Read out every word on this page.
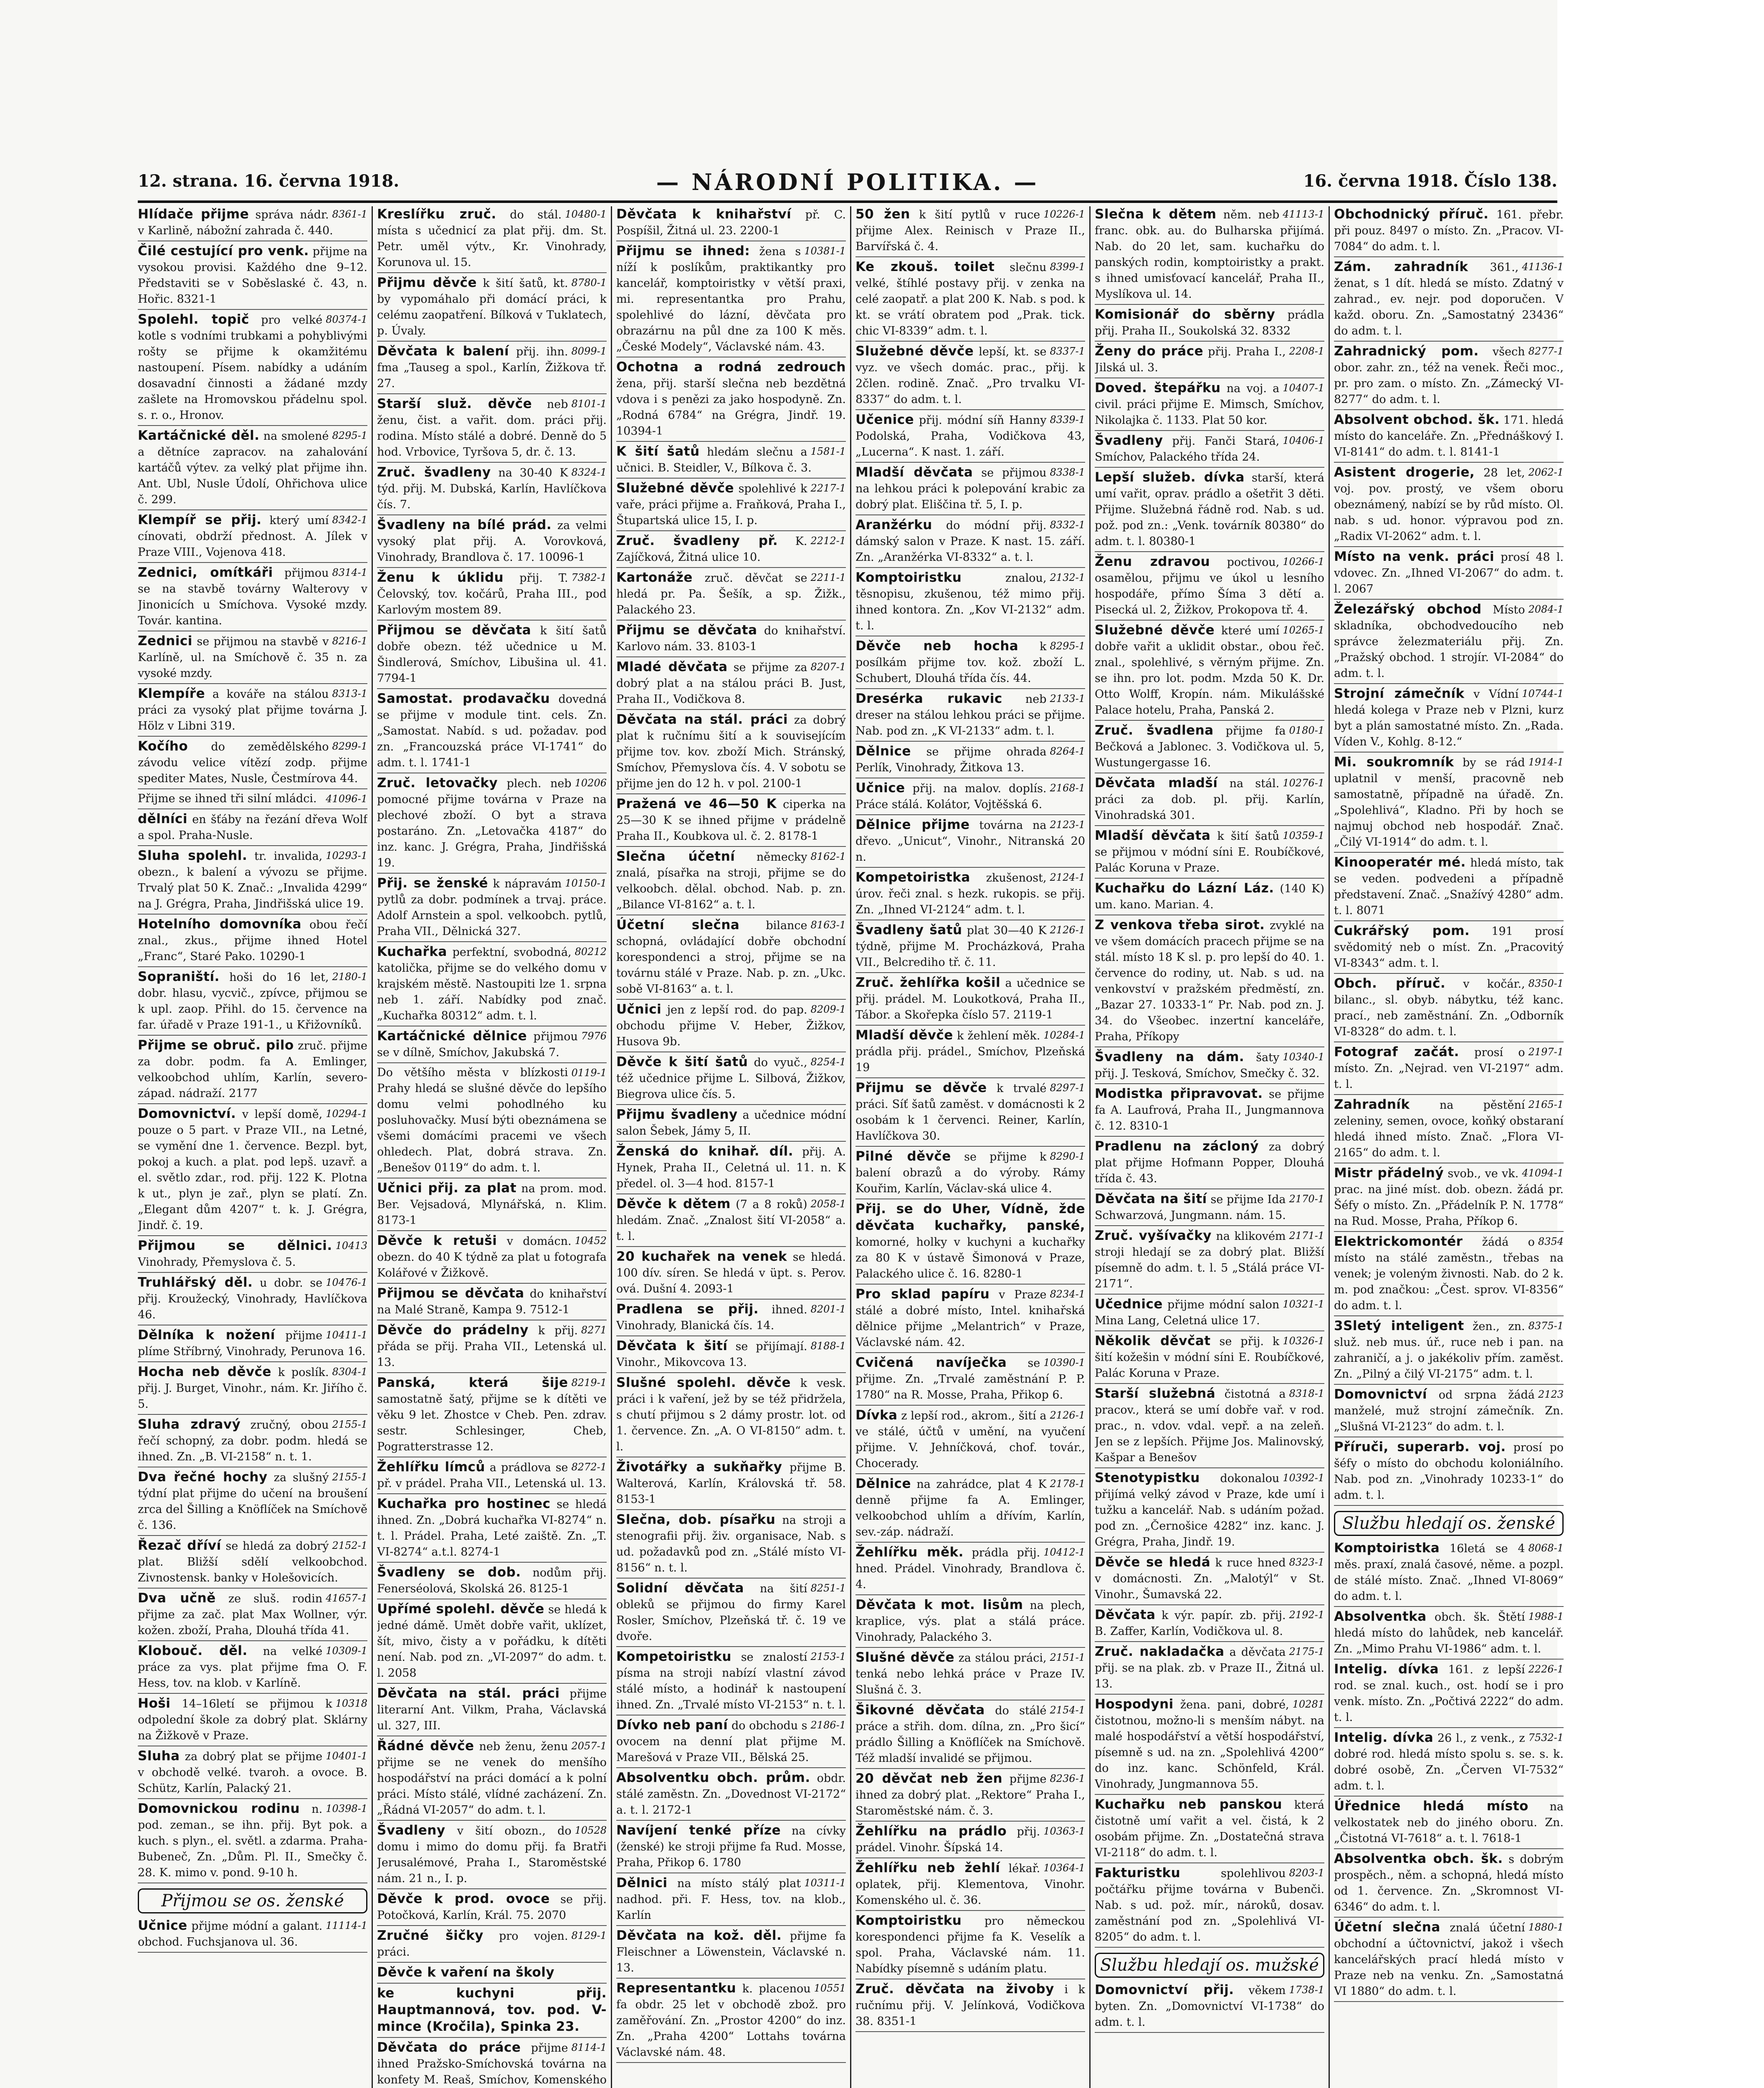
12. strana. 16. června 1918.	— NÁRODNÍ POLITIKA. —	16. června 1918. Číslo 138.
Hlídače přijme	8361-1
správa nádr. v Karlině, nábožní zahrada č. 440.
Čilé cestující pro venk. přijme na vysokou provisi. Každého dne 9–12. Představiti se v Soběslaské č. 43, n. Hořic. 8321-1
Spolehl. topič	80374-1
pro velké kotle s vodními trubkami a pohyblivými rošty se přijme k okamžitému nastoupení. Písem. nabídky a udáním dosavadní činnosti a žádané mzdy zašlete na Hromovskou přádelnu spol. s. r. o., Hronov.
Kartáčnické děl.	8295-1
na smolené a dětníce zapracov. na zahalování kartáčů výtev. za velký plat přijme ihn. Ant. Ubl, Nusle Údolí, Ohřichova ulice č. 299.
Klempíř se přij.	8342-1
který umí cínovati, obdrží přednost. A. Jílek v Praze VIII., Vojenova 418.
Zednici, omítkáři	8314-1
přijmou se na stavbě továrny Walterovy v Jinonicích u Smíchova. Vysoké mzdy. Továr. kantina.
Zednici	8216-1
se přijmou na stavbě v Karlíně, ul. na Smíchově č. 35 n. za vysoké mzdy.
Klempíře	8313-1
a kováře na stálou práci za vysoký plat přijme továrna J. Hölz v Libni 319.
Kočího	8299-1
do zemědělského závodu velice vítězí zodp. přijme spediter Mates, Nusle, Čestmírova 44.
41096-1
Přijme se ihned tři silní mládci.
dělníci en šťáby na řezání dřeva Wolf a spol. Praha-Nusle.
Sluha spolehl.	10293-1
tr. invalida, obezn., k balení a vývozu se přijme. Trvalý plat 50 K. Znač.: „Invalida 4299“ na J. Grégra, Praha, Jindřišská ulice 19.
Hotelního domovníka obou řečí znal., zkus., přijme ihned Hotel „Franc“, Staré Pako. 10290-1
Sopraniští.	2180-1
hoši do 16 let, dobr. hlasu, vycvič., zpívce, přijmou se k upl. zaop. Přihl. do 15. července na far. úřadě v Praze 191-1., u Křižovníků.
Přijme se obruč. pilo zruč. přijme za dobr. podm. fa A. Emlinger, velkoobchod uhlím, Karlín, severo-západ. nádraží. 2177
Domovnictví.	10294-1
v lepší domě, pouze o 5 part. v Praze VII., na Letné, se vymění dne 1. července. Bezpl. byt, pokoj a kuch. a plat. pod lepš. uzavř. a el. světlo zdar., rod. přij. 122 K. Plotna k ut., plyn je zař., plyn se platí. Zn. „Elegant dům 4207“ t. k. J. Grégra, Jindř. č. 19.
Přijmou se dělnici. 10413
Vinohrady, Přemyslova č. 5.
Truhlářský děl.	10476-1
u dobr. se přij. Kroužecký, Vinohrady, Havlíčkova 46.
Dělníka k nožení	10411-1
přijme plíme Stříbrný, Vinohrady, Perunova 16.
Hocha neb děvče	8304-1
k poslík. přij. J. Burget, Vinohr., nám. Kr. Jiřího č. 5.
Sluha zdravý	2155-1
zručný, obou řečí schopný, za dobr. podm. hledá se ihned. Zn. „B. VI-2158“ n. t. 1.
Dva řečné hochy	2155-1
za slušný týdní plat přijme do učení na broušení zrca del Šilling a Knöflíček na Smíchově č. 136.
Řezač dříví	2152-1
se hledá za dobrý plat. Bližší sdělí velkoobchod. Zivnostensk. banky v Holešovicích.
Dva učně	41657-1
ze sluš. rodin přijme za zač. plat Max Wollner, výr. kožen. zboží, Praha, Dlouhá třída 41.
Klobouč. děl.	10309-1
na velké práce za vys. plat přijme fma O. F. Hess, tov. na klob. v Karlíně.
Hoši	10318
14–16letí se přijmou k odpolední škole za dobrý plat. Sklárny na Žižkově v Praze.
Sluha	10401-1
za dobrý plat se přijme v obchodě velké. tvaroh. a ovoce. B. Schütz, Karlín, Palacký 21.
Domovnickou rodinu	10398-1
n. pod. zeman., se ihn. přij. Byt pok. a kuch. s plyn., el. světl. a zdarma. Praha-Bubeneč, Zn. „Dům. Pl. II., Smečky č. 28. K. mimo v. pond. 9-10 h.
Přijmou se os. ženské
Učnice	11114-1
přijme módní a galant. obchod. Fuchsjanova ul. 36.
Kreslířku zruč.	10480-1
do stál. místa s učednicí za plat přij. dm. St. Petr. uměl výtv., Kr. Vinohrady, Korunova ul. 15.
Přijmu děvče	8780-1
k šití šatů, kt. by vypomáhalo při domácí práci, k celému zaopatření. Bílková v Tuklatech, p. Úvaly.
Děvčata k balení	8099-1
přij. ihn. fma „Tauseg a spol., Karlín, Žižkova tř. 27.
Starší služ. děvče	8101-1
neb ženu, čist. a vařit. dom. práci přij. rodina. Místo stálé a dobré. Denně do 5 hod. Vrbovice, Tyršova 5, dr. č. 13.
Zruč. švadleny	8324-1
na 30-40 K týd. přij. M. Dubská, Karlín, Havlíčkova čís. 7.
Švadleny na bílé prád. za velmi vysoký plat přij. A. Vorovková, Vinohrady, Brandlova č. 17. 10096-1
Ženu k úklidu	7382-1
přij. T. Čelovský, tov. kočárů, Praha III., pod Karlovým mostem 89.
Přijmou se děvčata k šití šatů dobře obezn. též učednice u M. Šindlerová, Smíchov, Libušina ul. 41. 7794-1
Samostat. prodavačku dovedná se přijme v module tint. cels. Zn. „Samostat. Nabíd. s ud. požadav. pod zn. „Francouzská práce VI-1741“ do adm. t. l. 1741-1
Zruč. letovačky	10206
plech. neb pomocné přijme továrna v Praze na plechové zboží. O byt a strava postaráno. Zn. „Letovačka 4187“ do inz. kanc. J. Grégra, Praha, Jindřišská 19.
Přij. se ženské	10150-1
k nápravám pytlů za dobr. podmínek a trvaj. práce. Adolf Arnstein a spol. velkoobch. pytlů, Praha VII., Dělnická 327.
Kuchařka	80212
perfektní, svobodná, katolička, přijme se do velkého domu v krajském městě. Nastoupiti lze 1. srpna neb 1. září. Nabídky pod znač. „Kuchařka 80312“ adm. t. l.
Kartáčnické dělnice	7976
přijmou se v dílně, Smíchov, Jakubská 7.
0119-1
Do většího města v blízkosti Prahy hledá se slušné děvče do lepšího domu velmi pohodlného ku posluhovačky. Musí býti obeznámena se všemi domácími pracemi ve všech ohledech. Plat, dobrá strava. Zn. „Benešov 0119“ do adm. t. l.
Učnici přij. za plat na prom. mod. Ber. Vejsadová, Mlynářská, n. Klim. 8173-1
Děvče k retuši	10452
v domácn. obezn. do 40 K týdně za plat u fotografa Kolářové v Žižkově.
Přijmou se děvčata do knihařství na Malé Straně, Kampa 9. 7512-1
Děvče do prádelny	8271
k přij. přáda se přij. Praha VII., Letenská ul. 13.
Panská, která šije 8219-1
samostatně šatý, přijme se k dítěti ve věku 9 let. Zhostce v Cheb. Pen. zdrav. sestr. Schlesinger, Cheb, Pogratterstrasse 12.
Žehlířku límců	8272-1
a prádlova se př. v prádel. Praha VII., Letenská ul. 13.
Kuchařka pro hostinec se hledá ihned. Zn. „Dobrá kuchařka VI-8274“ n. t. l. Prádel. Praha, Leté zaiště. Zn. „T. VI-8274“ a.t.l. 8274-1
Švadleny se dob. nodům přij. Fenerséolová, Skolská 26. 8125-1
Upřímé spolehl. děvče se hledá k jedné dámě. Umět dobře vařit, uklízet, šít, mivo, čisty a v pořádku, k dítěti není. Nab. pod zn. „VI-2097“ do adm. t. l. 2058
Děvčata na stál. práci přijme literarní Ant. Vilkm, Praha, Václavská ul. 327, III.
Řádné děvče	2057-1
neb ženu, ženu přijme se ne venek do menšího hospodářství na práci domácí a k polní práci. Místo stálé, vlídné zacházení. Zn. „Řádná VI-2057“ do adm. t. l.
Švadleny	10528
v šití obozn., do domu i mimo do domu přij. fa Bratři Jerusalémové, Praha I., Staroměstské nám. 21 n., I. p.
Děvče k prod. ovoce se přij. Potočková, Karlín, Král. 75. 2070
Zručné šičky	8129-1
pro vojen. práci.
Děvče k vaření na školy
ke kuchyni přij. Hauptmannová, tov. pod. V-mince (Kročila), Spinka 23.
Děvčata do práce	8114-1
přijme ihned Pražsko-Smíchovská továrna na konfety M. Reaš, Smíchov, Komenského
Děvčata k knihařství př. C. Pospíšil, Žitná ul. 23. 2200-1
Přijmu se ihned:	10381-1
žena s níží k poslíkům, praktikantky pro kancelář, komptoiristky v větší praxi, mi. representantka pro Prahu, spolehlivé do lázní, děvčata pro obrazárnu na půl dne za 100 K měs. „České Modely“, Václavské nám. 43.
Ochotna a rodná zedrouch žena, přij. starší slečna neb bezdětná vdova i s penězi za jako hospodyně. Zn. „Rodná 6784“ na Grégra, Jindř. 19. 10394-1
K šití šatů	1581-1
hledám slečnu a učnici. B. Steidler, V., Bílkova č. 3.
Služebné děvče	2217-1
spolehlivé k vaře, práci přijme a. Fraňková, Praha I., Štupartská ulice 15, I. p.
Zruč. švadleny př.	2212-1
K. Zajíčková, Žitná ulice 10.
Kartonáže	2211-1
zruč. děvčat se hledá pr. Pa. Šešík, a sp. Žižk., Palackého 23.
Přijmu se děvčata do knihařství. Karlovo nám. 33. 8103-1
Mladé děvčata	8207-1
se přijme za dobrý plat a na stálou práci B. Just, Praha II., Vodičkova 8.
Děvčata na stál. práci za dobrý plat k ručnímu šití a k souvisejícím přijme tov. kov. zboží Mich. Stránský, Smíchov, Přemyslova čís. 4. V sobotu se přijme jen do 12 h. v pol. 2100-1
Pražená ve 46—50 K ciperka na 25—30 K se ihned přijme v prádelně Praha II., Koubkova ul. č. 2. 8178-1
Slečna účetní	8162-1
německy znalá, písařka na stroji, přijme se do velkoobch. dělal. obchod. Nab. p. zn. „Bilance VI-8162“ a. t. l.
Účetní slečna	8163-1
bilance schopná, ovládající dobře obchodní korespondenci a stroj, přijme se na továrnu stálé v Praze. Nab. p. zn. „Ukc. sobě VI-8163“ a. t. l.
Učnici	8209-1
jen z lepší rod. do pap. obchodu přijme V. Heber, Žižkov, Husova 9b.
Děvče k šití šatů	8254-1
do vyuč., též učednice přijme L. Silbová, Žižkov, Biegrova ulice čís. 5.
Přijmu švadleny a učednice módní salon Šebek, Jámy 5, II.
Ženská do knihař. díl. přij. A. Hynek, Praha II., Celetná ul. 11. n. K předel. ol. 3—4 hod. 8157-1
Děvče k dětem	2058-1
(7 a 8 roků) hledám. Znač. „Znalost šití VI-2058“ a. t. l.
20 kuchařek na venek se hledá. 100 dív. síren. Se hledá v üpt. s. Perov. ová. Dušní 4. 2093-1
Pradlena se přij.	8201-1
ihned. Vinohrady, Blanická čís. 14.
Děvčata k šití	8188-1
se přijímají. Vinohr., Mikovcova 13.
Slušné spolehl. děvče k vesk. práci i k vaření, jež by se též přidržela, s chutí přijmou s 2 dámy prostr. lot. od 1. července. Zn. „A. O VI-8150“ adm. t. l.
Životářky a sukňařky přijme B. Walterová, Karlín, Královská tř. 58. 8153-1
Slečna, dob. písařku na stroji a stenografii přij. živ. organisace, Nab. s ud. požadavků pod zn. „Stálé místo VI-8156“ n. t. l.
Solidní děvčata	8251-1
na šití obleků se přijmou do firmy Karel Rosler, Smíchov, Plzeňská tř. č. 19 ve dvoře.
Kompetoiristku	2153-1
se znalostí písma na stroji nabízí vlastní závod stálé místo, a hodinář k nastoupení ihned. Zn. „Trvalé místo VI-2153“ n. t. l.
Dívko neb paní	2186-1
do obchodu s ovocem na denní plat přijme M. Marešová v Praze VII., Bělská 25.
Absolventku obch. prům. obdr. stálé zaměstn. Zn. „Dovednost VI-2172“ a. t. l. 2172-1
Navíjení tenké příze na cívky (ženské) ke stroji přijme fa Rud. Mosse, Praha, Přikop 6. 1780
Dělnici	10311-1
na místo stálý plat nadhod. při. F. Hess, tov. na klob., Karlín
Děvčata na kož. děl. přijme fa Fleischner a Löwenstein, Václavské n. 13.
Representantku	10551
k. placenou fa obdr. 25 let v obchodě zbož. pro zaměřování. Zn. „Prostor 4200“ do inz. Zn. „Praha 4200“ Lottahs továrna Václavské nám. 48.
50 žen	10226-1
k šití pytlů v ruce přijme Alex. Reinisch v Praze II., Barvířská č. 4.
Ke zkouš. toilet	8399-1
slečnu velké, štíhlé postavy přij. v zenka na celé zaopatř. a plat 200 K. Nab. s pod. k kt. se vrátí obratem pod „Prak. tick. chic VI-8339“ adm. t. l.
Služebné děvče	8337-1
lepší, kt. se vyz. ve všech domác. prac., přij. k 2člen. rodině. Znač. „Pro trvalku VI-8337“ do adm. t. l.
Učenice	8339-1
přij. módní síň Hanny Podolská, Praha, Vodičkova 43, „Lucerna“. K nast. 1. září.
Mladší děvčata	8338-1
se přijmou na lehkou práci k polepování krabic za dobrý plat. Eliščina tř. 5, I. p.
Aranžérku	8332-1
do módní přij. dámský salon v Praze. K nast. 15. září. Zn. „Aranžérka VI-8332“ a. t. l.
Komptoiristku	2132-1
znalou, těsnopisu, zkušenou, též mimo přij. ihned kontora. Zn. „Kov VI-2132“ adm. t. l.
Děvče neb hocha	8295-1
k posílkám přijme tov. kož. zboží L. Schubert, Dlouhá třída čís. 44.
Dresérka rukavic	2133-1
neb dreser na stálou lehkou práci se přijme. Nab. pod zn. „K VI-2133“ adm. t. l.
Dělnice	8264-1
se přijme ohrada Perlík, Vinohrady, Žitkova 13.
Učnice	2168-1
přij. na malov. doplís. Práce stálá. Kolátor, Vojtěšská 6.
Dělnice přijme	2123-1
továrna na dřevo. „Unicut“, Vinohr., Nitranská 20 n.
Kompetoiristka	2124-1
zkušenost, úrov. řeči znal. s hezk. rukopis. se přij. Zn. „Ihned VI-2124“ adm. t. l.
Švadleny šatů	2126-1
plat 30—40 K týdně, přijme M. Procházková, Praha VII., Belcrediho tř. č. 11.
Zruč. žehlířka košil a učednice se přij. prádel. M. Loukotková, Praha II., Tábor. a Skořepka číslo 57. 2119-1
Mladší děvče	10284-1
k žehlení měk. prádla přij. prádel., Smíchov, Plzeňská 19
Přijmu se děvče	8297-1
k trvalé práci. Síť šatů zaměst. v domácnosti k 2 osobám k 1 červenci. Reiner, Karlín, Havlíčkova 30.
Pilné děvče	8290-1
se přijme k balení obrazů a do výroby. Rámy Kouřim, Karlín, Václav-ská ulice 4.
Přij. se do Uher, Vídně, žde děvčata kuchařky, panské, komorné, holky v kuchyni a kuchařky za 80 K v ústavě Šimonová v Praze, Palackého ulice č. 16. 8280-1
Pro sklad papíru	8234-1
v Praze stálé a dobré místo, Intel. knihařská dělnice přijme „Melantrich“ v Praze, Václavské nám. 42.
Cvičená navíječka	10390-1
se přijme. Zn. „Trvalé zaměstnání P. P. 1780“ na R. Mosse, Praha, Přikop 6.
Dívka	2126-1
z lepší rod., akrom., šití a ve stálé, účtů v umění, na vyučení přijme. V. Jehníčková, chof. továr., Chocerady.
Dělnice	2178-1
na zahrádce, plat 4 K denně přijme fa A. Emlinger, velkoobchod uhlím a dřívím, Karlín, sev.-záp. nádraží.
Žehlířku měk.	10412-1
prádla přij. hned. Prádel. Vinohrady, Brandlova č. 4.
Děvčata k mot. lisům na plech, kraplice, výs. plat a stálá práce. Vinohrady, Palackého 3.
Slušné děvče	2151-1
za stálou práci, tenká nebo lehká práce v Praze IV. Slušná č. 3.
Šikovné děvčata	2154-1
do stálé práce a střih. dom. dílna, zn. „Pro šicí“ prádlo Šilling a Knöflíček na Smíchově. Též mladší invalidé se přijmou.
20 děvčat neb žen	8236-1
přijme ihned za dobrý plat. „Rektore“ Praha I., Staroměstské nám. č. 3.
Žehlířku na prádlo	10363-1
přij. prádel. Vinohr. Šípská 14.
Žehlířku neb žehlí	10364-1
lékař. oplatek, přij. Klementova, Vinohr. Komenského ul. č. 36.
Komptoiristku pro německou korespondenci přijme fa K. Veselík a spol. Praha, Václavské nám. 11. Nabídky písemně s udáním platu.
Zruč. děvčata na živoby i k ručnímu přij. V. Jelínková, Vodičkova 38. 8351-1
Slečna k dětem	41113-1
něm. neb franc. obk. au. do Bulharska přijímá. Nab. do 20 let, sam. kuchařku do panských rodin, komptoiristky a prakt. s ihned umisťovací kancelář, Praha II., Myslíkova ul. 14.
Komisionář do sběrny prádla přij. Praha II., Soukolská 32. 8332
Ženy do práce	2208-1
přij. Praha I., Jilská ul. 3.
Doved. štepářku	10407-1
na voj. a civil. práci přijme E. Mimsch, Smíchov, Nikolajka č. 1133. Plat 50 kor.
Švadleny	10406-1
přij. Fanči Stará, Smíchov, Palackého třída 24.
Lepší služeb. dívka starší, která umí vařit, oprav. prádlo a ošetřit 3 děti. Přijme. Služebná řádně rod. Nab. s ud. pož. pod zn.: „Venk. továrník 80380“ do adm. t. l. 80380-1
Ženu zdravou	10266-1
poctivou, osamělou, přijmu ve úkol u lesního hospodáře, přímo Šíma 3 dětí a. Pisecká ul. 2, Žižkov, Prokopova tř. 4.
Služebné děvče	10265-1
které umí dobře vařit a uklidit obstar., obou řeč. znal., spolehlivé, s věrným přijme. Zn. se ihn. pro lot. podm. Mzda 50 K. Dr. Otto Wolff, Kropín. nám. Mikulášské Palace hotelu, Praha, Panská 2.
Zruč. švadlena	0180-1
přijme fa Bečková a Jablonec. 3. Vodičkova ul. 5, Wustungergasse 16.
Děvčata mladší	10276-1
na stál. práci za dob. pl. přij. Karlín, Vinohradská 301.
Mladší děvčata	10359-1
k šití šatů se přijmou v módní síni E. Roubíčkové, Palác Koruna v Praze.
Kuchařku do Lázní Láz. (140 K) um. kano. Marian. 4.
Z venkova třeba sirot. zvyklé na ve všem domácích pracech přijme se na stál. místo 18 K sl. p. pro lepší do 40. 1. července do rodiny, ut. Nab. s ud. na venkovství v pražském předměstí, zn. „Bazar 27. 10333-1“ Pr. Nab. pod zn. J. 34. do Všeobec. inzertní kanceláře, Praha, Příkopy
Švadleny na dám.	10340-1
šaty přij. J. Tesková, Smíchov, Smečky č. 32.
Modistka připravovat. se přijme fa A. Laufrová, Praha II., Jungmannova č. 12. 8310-1
Pradlenu na zácloný za dobrý plat přijme Hofmann Popper, Dlouhá třída č. 43.
Děvčata na šití	2170-1
se přijme Ida Schwarzová, Jungmann. nám. 15.
Zruč. vyšívačky	2171-1
na klikovém stroji hledají se za dobrý plat. Bližší písemně do adm. t. l. 5 „Stálá práce VI-2171“.
Učednice	10321-1
přijme módní salon Mina Lang, Celetná ulice 17.
Několik děvčat	10326-1
se přij. k šití kožešin v módní síni E. Roubíčkové, Palác Koruna v Praze.
Starší služebná	8318-1
čistotná a pracov., která se umí dobře vař. v rod. prac., n. vdov. vdal. vepř. a na zeleň. Jen se z lepších. Přijme Jos. Malinovský, Kašpar a Benešov
Stenotypistku	10392-1
dokonalou přijímá velký závod v Praze, kde umí i tužku a kancelář. Nab. s udáním požad. pod zn. „Černošice 4282“ inz. kanc. J. Grégra, Praha, Jindř. 19.
Děvče se hledá	8323-1
k ruce hned v domácnosti. Zn. „Malotýl“ v St. Vinohr., Šumavská 22.
Děvčata	2192-1
k výr. papír. zb. přij. B. Zaffer, Karlín, Vodičkova ul. 8.
Zruč. nakladačka	2175-1
a děvčata přij. se na plak. zb. v Praze II., Žitná ul. 13.
Hospodyni	10281
žena. pani, dobré, čistotnou, možno-li s menším nábyt. na malé hospodářství a větší hospodářství, písemně s ud. na zn. „Spolehlivá 4200“ do inz. kanc. Schönfeld, Král. Vinohrady, Jungmannova 55.
Kuchařku neb panskou která čistotně umí vařit a vel. čistá, k 2 osobám přijme. Zn. „Dostatečná strava VI-2118“ do adm. t. l.
Fakturistku	8203-1
spolehlivou počtářku přijme továrna v Bubenči. Nab. s ud. pož. mír., nároků, dosav. zaměstnání pod zn. „Spolehlivá VI-8205“ do adm. t. l.
Službu hledají os. mužské
Domovnictví přij.	1738-1
věkem byten. Zn. „Domovnictví VI-1738“ do adm. t. l.
Obchodnický příruč. 161. přebr. při pouz. 8497 o místo. Zn. „Pracov. VI-7084“ do adm. t. l.
Zám. zahradník	41136-1
361., ženat, s 1 dít. hledá se místo. Zdatný v zahrad., ev. nejr. pod doporučen. V každ. oboru. Zn. „Samostatný 23436“ do adm. t. l.
Zahradnický pom.	8277-1
všech obor. zahr. zn., též na venek. Řeči moc., pr. pro zam. o místo. Zn. „Zámecký VI-8277“ do adm. t. l.
Absolvent obchod. šk. 171. hledá místo do kanceláře. Zn. „Přednáškový I. VI-8141“ do adm. t. l. 8141-1
Asistent drogerie,	2062-1
28 let, voj. pov. prostý, ve všem oboru obeznámený, nabízí se by růd místo. Ol. nab. s ud. honor. výpravou pod zn. „Radix VI-2062“ adm. t. l.
Místo na venk. práci prosí 48 l. vdovec. Zn. „Ihned VI-2067“ do adm. t. l. 2067
Železářský obchod	2084-1
Místo skladníka, obchodvedoucího neb správce železmateriálu přij. Zn. „Pražský obchod. 1 strojír. VI-2084“ do adm. t. l.
Strojní zámečník	10744-1
v Vídní hledá kolega v Praze neb v Plzni, kurz byt a plán samostatné místo. Zn. „Rada. Víden V., Kohlg. 8-12.“
Mi. soukromník	1914-1
by se rád uplatnil v menší, pracovně neb samostatně, případně na úřadě. Zn. „Spolehlivá“, Kladno. Při by hoch se najmuj obchod neb hospodář. Znač. „Čilý VI-1914“ do adm. t. l.
Kinooperatér mé. hledá místo, tak se veden. podvedeni a případně představení. Znač. „Snažívý 4280“ adm. t. l. 8071
Cukrářský pom. 191 prosí svědomitý neb o míst. Zn. „Pracovitý VI-8343“ adm. t. l.
Obch. příruč.	8350-1
v kočár., bilanc., sl. obyb. nábytku, též kanc. prací., neb zaměstnání. Zn. „Odborník VI-8328“ do adm. t. l.
Fotograf začát.	2197-1
prosí o místo. Zn. „Nejrad. ven VI-2197“ adm. t. l.
Zahradník	2165-1
na pěstění zeleniny, semen, ovoce, koňký obstaraní hledá ihned místo. Znač. „Flora VI-2165“ do adm. t. l.
Mistr přádelný	41094-1
svob., ve vk. prac. na jiné míst. dob. obezn. žádá pr. Šéfy o místo. Zn. „Přádelník P. N. 1778“ na Rud. Mosse, Praha, Příkop 6.
Elektrickomontér	8354
žádá o místo na stálé zaměstn., třebas na venek; je voleným živnosti. Nab. do 2 k. m. pod značkou: „Čest. sprov. VI-8356“ do adm. t. l.
3Sletý inteligent	8375-1
žen., zn. služ. neb mus. úř., ruce neb i pan. na zahraničí, a j. o jakékoliv přím. zaměst. Zn. „Pilný a čilý VI-2175“ adm. t. l.
Domovnictví	2123
od srpna žádá manželé, muž strojní zámečník. Zn. „Slušná VI-2123“ do adm. t. l.
Příruči, superarb. voj. prosí po šéfy o místo do obchodu koloniálního. Nab. pod zn. „Vinohrady 10233-1“ do adm. t. l.
Službu hledají os. ženské
Komptoiristka	8068-1
16letá se 4 měs. praxí, znalá časové, něme. a pozpl. de stálé místo. Znač. „Ihned VI-8069“ do adm. t. l.
Absolventka	1988-1
obch. šk. Štětí hledá místo do lahůdek, neb kancelář. Zn. „Mimo Prahu VI-1986“ adm. t. l.
Intelig. dívka	2226-1
161. z lepší rod. se znal. kuch., ost. hodí se i pro venk. místo. Zn. „Počtivá 2222“ do adm. t. l.
Intelig. dívka	7532-1
26 l., z venk., z dobré rod. hledá místo spolu s. se. s. k. dobré osobě, Zn. „Červen VI-7532“ adm. t. l.
Úřednice hledá místo na velkostatek neb do jiného oboru. Zn. „Čistotná VI-7618“ a. t. l. 7618-1
Absolventka obch. šk. s dobrým prospěch., něm. a schopná, hledá místo od 1. července. Zn. „Skromnost VI-6346“ do adm. t. l.
Účetní slečna	1880-1
znalá účetní obchodní a účtovnictví, jakož i všech kancelářských prací hledá místo v Praze neb na venku. Zn. „Samostatná VI 1880“ do adm. t. l.
